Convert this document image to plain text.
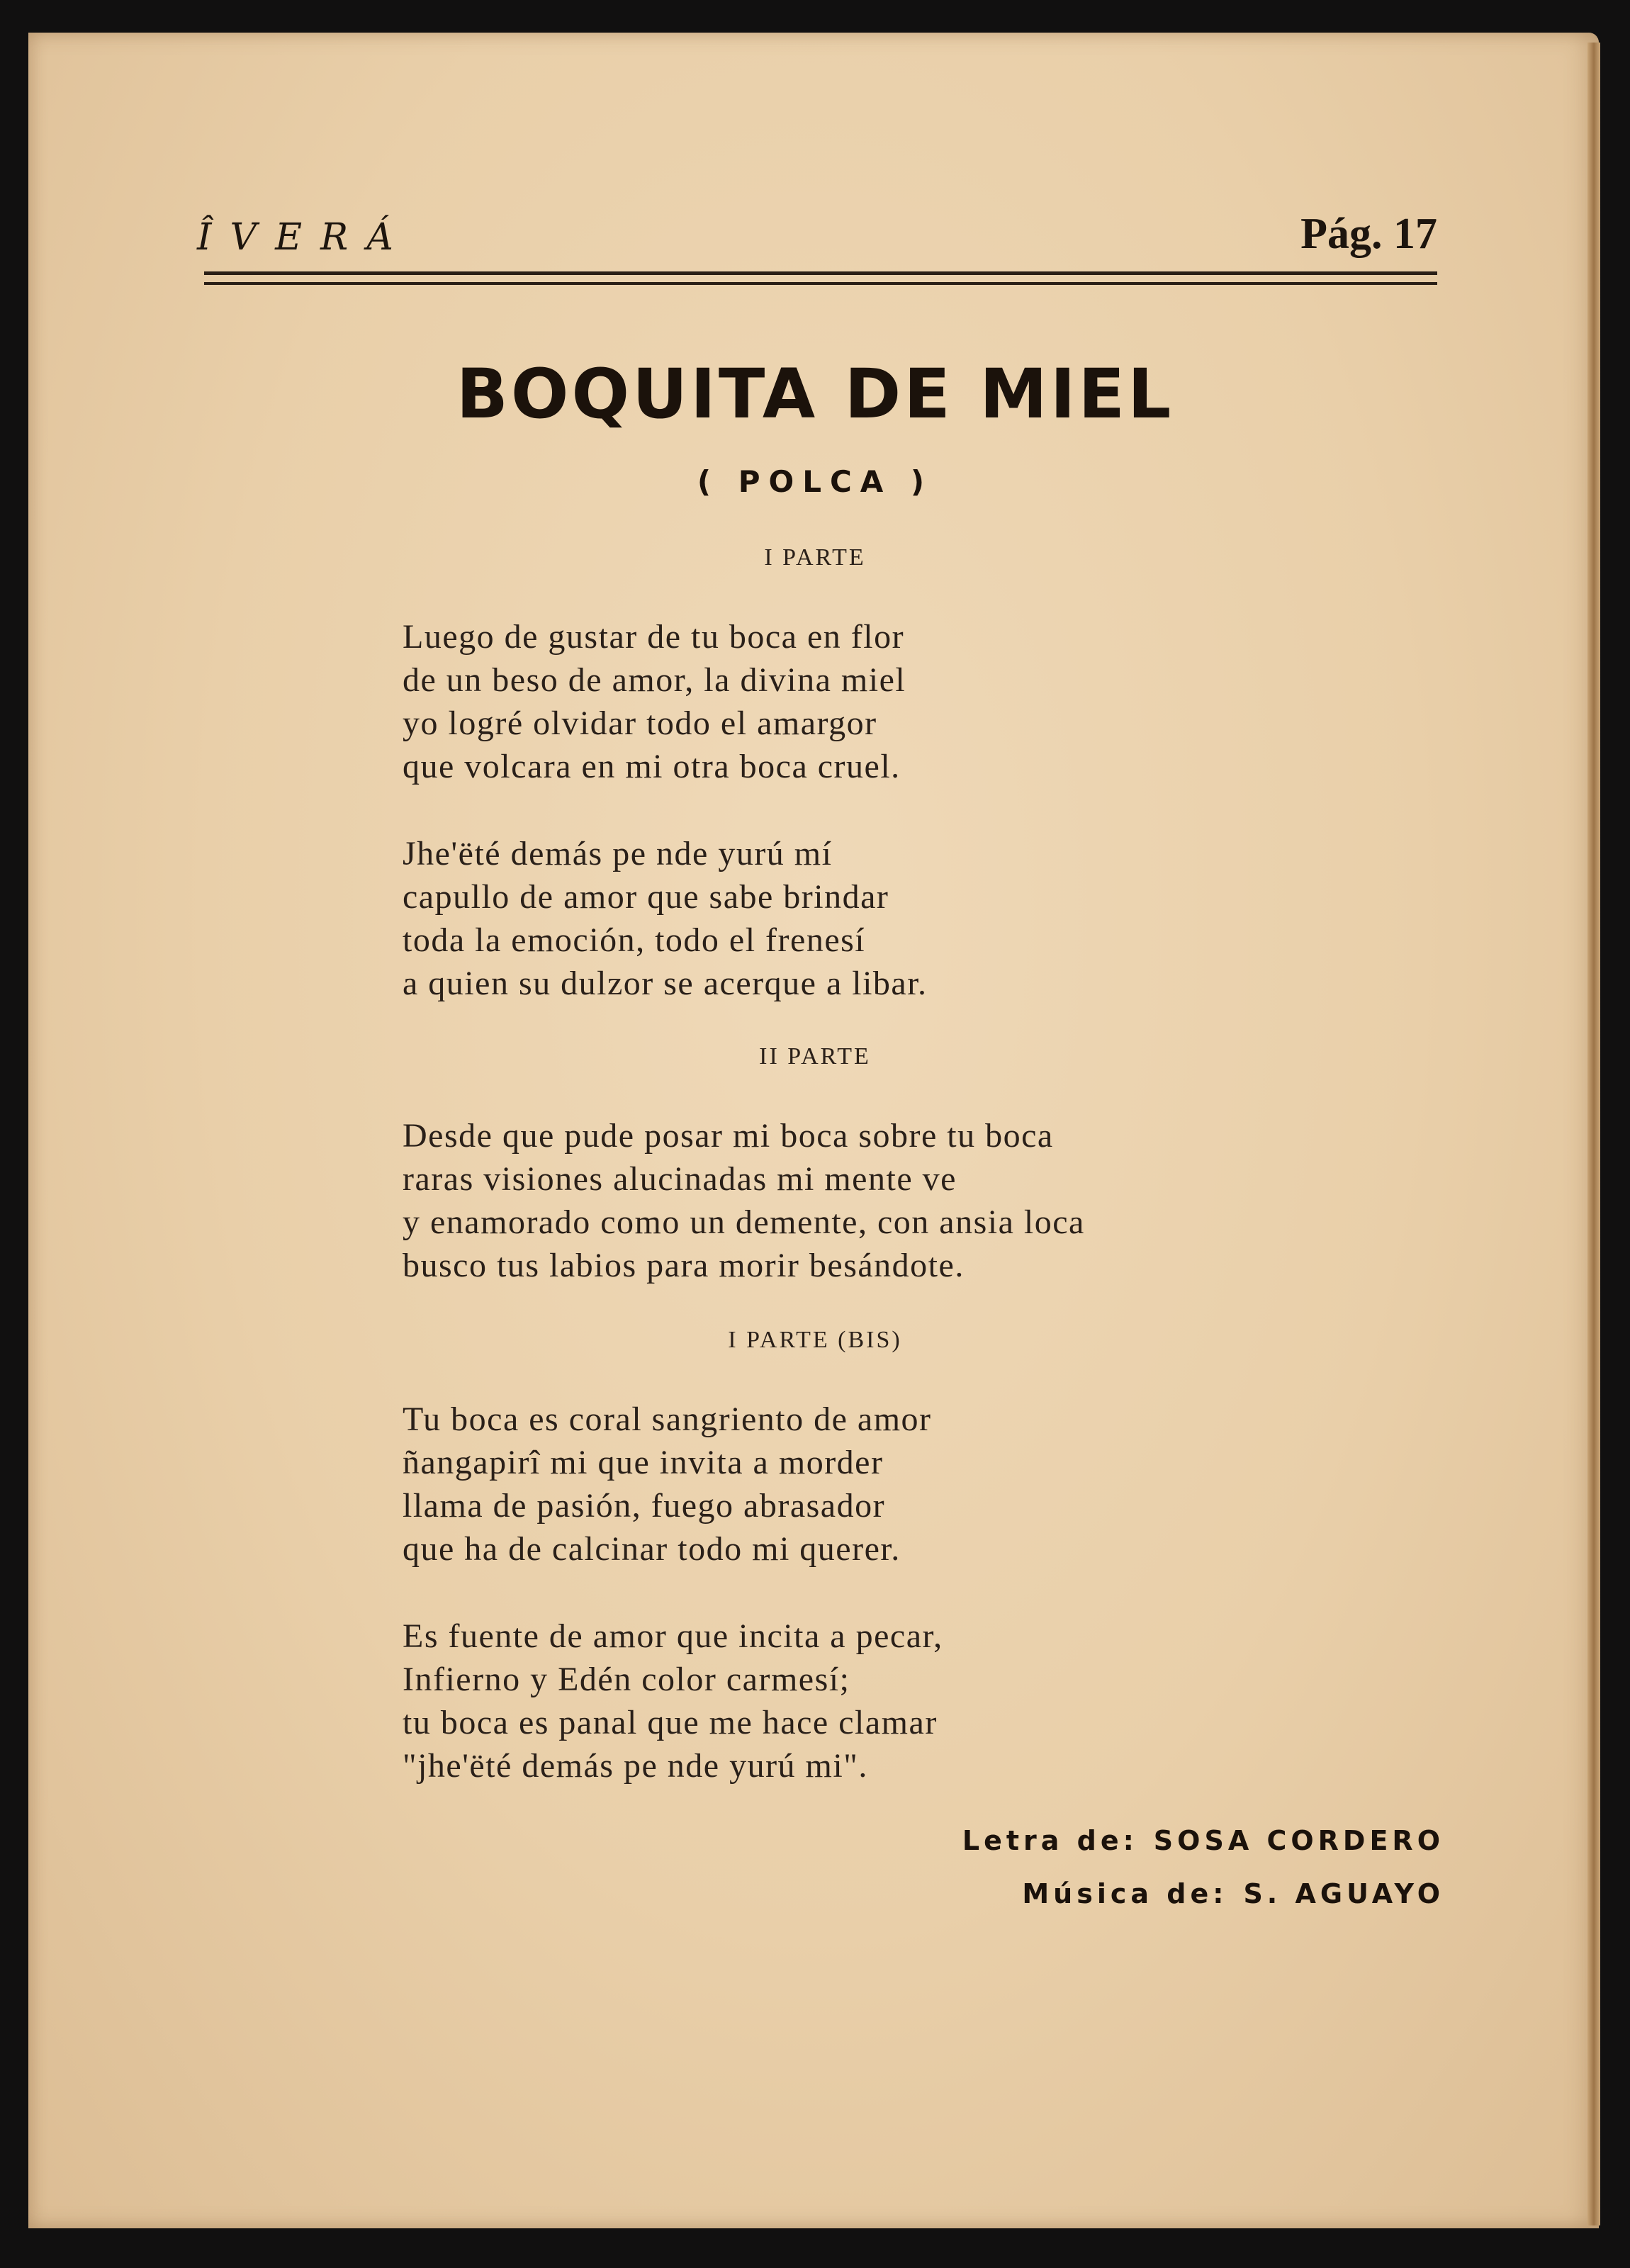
ÎVERÁ	Pág. 17
BOQUITA DE MIEL
( POLCA )
I PARTE
Luego de gustar de tu boca en flor
de un beso de amor, la divina miel
yo logré olvidar todo el amargor
que volcara en mi otra boca cruel.
Jhe'ëté demás pe nde yurú mí
capullo de amor que sabe brindar
toda la emoción, todo el frenesí
a quien su dulzor se acerque a libar.
II PARTE
Desde que pude posar mi boca sobre tu boca
raras visiones alucinadas mi mente ve
y enamorado como un demente, con ansia loca
busco tus labios para morir besándote.
I PARTE (BIS)
Tu boca es coral sangriento de amor
ñangapirî mi que invita a morder
llama de pasión, fuego abrasador
que ha de calcinar todo mi querer.
Es fuente de amor que incita a pecar,
Infierno y Edén color carmesí;
tu boca es panal que me hace clamar
"jhe'ëté demás pe nde yurú mi".
Letra de: SOSA CORDERO
Música de: S. AGUAYO
